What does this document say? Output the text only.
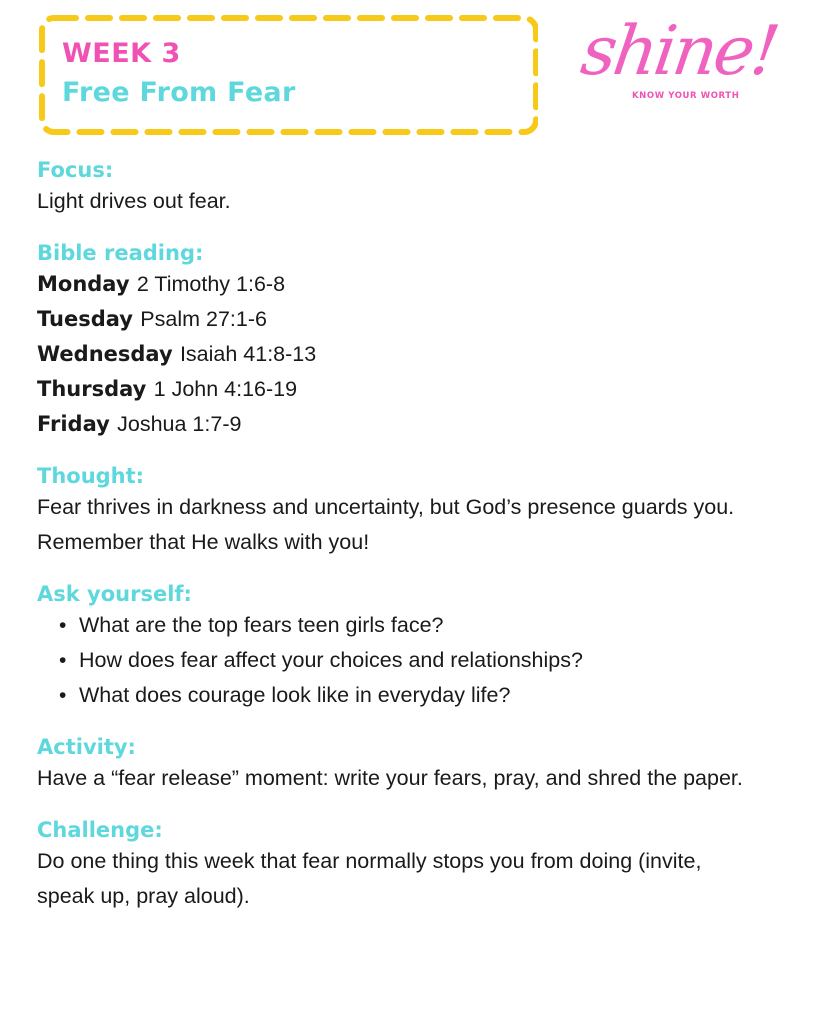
WEEK 3
Free From Fear
shine!
KNOW YOUR WORTH
Focus:
Light drives out fear.
Bible reading:
Monday 2 Timothy 1:6-8
Tuesday Psalm 27:1-6
Wednesday Isaiah 41:8-13
Thursday 1 John 4:16-19
Friday Joshua 1:7-9
Thought:
Fear thrives in darkness and uncertainty, but God’s presence guards you.
Remember that He walks with you!
Ask yourself:
• What are the top fears teen girls face?
• How does fear affect your choices and relationships?
• What does courage look like in everyday life?
Activity:
Have a “fear release” moment: write your fears, pray, and shred the paper.
Challenge:
Do one thing this week that fear normally stops you from doing (invite,
speak up, pray aloud).
